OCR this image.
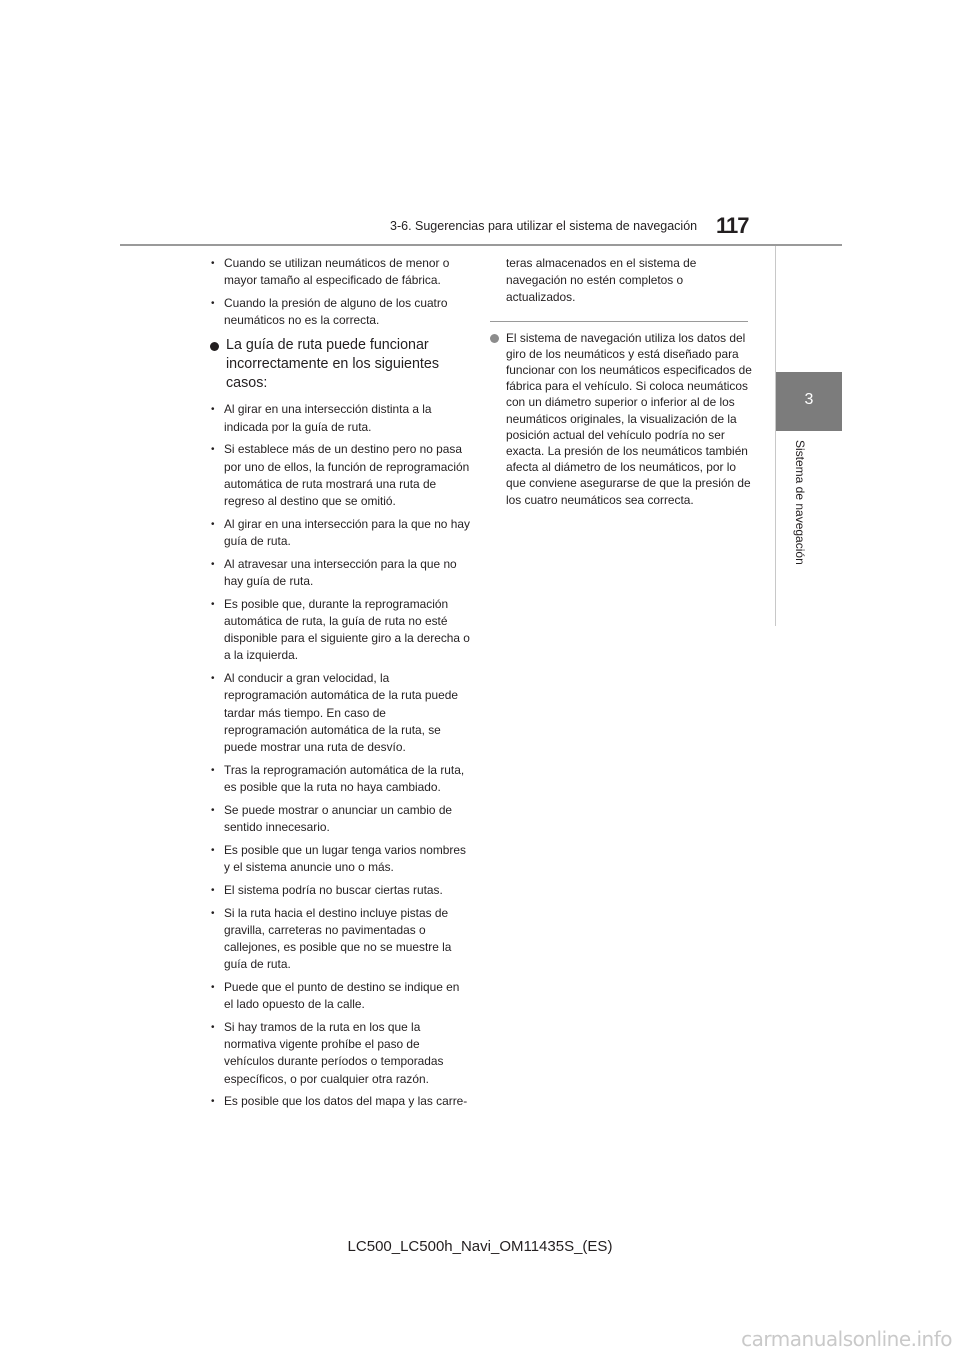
3-6. Sugerencias para utilizar el sistema de navegación 117
3
Sistema de navegación
• Cuando se utilizan neumáticos de menor o mayor tamaño al especificado de fábrica.
• Cuando la presión de alguno de los cuatro neumáticos no es la correcta.
La guía de ruta puede funcionar incorrectamente en los siguientes casos:
• Al girar en una intersección distinta a la indicada por la guía de ruta.
• Si establece más de un destino pero no pasa por uno de ellos, la función de reprogramación automática de ruta mostrará una ruta de regreso al destino que se omitió.
• Al girar en una intersección para la que no hay guía de ruta.
• Al atravesar una intersección para la que no hay guía de ruta.
• Es posible que, durante la reprogramación automática de ruta, la guía de ruta no esté disponible para el siguiente giro a la derecha o a la izquierda.
• Al conducir a gran velocidad, la reprogramación automática de la ruta puede tardar más tiempo. En caso de reprogramación automática de la ruta, se puede mostrar una ruta de desvío.
• Tras la reprogramación automática de la ruta, es posible que la ruta no haya cambiado.
• Se puede mostrar o anunciar un cambio de sentido innecesario.
• Es posible que un lugar tenga varios nombres y el sistema anuncie uno o más.
• El sistema podría no buscar ciertas rutas.
• Si la ruta hacia el destino incluye pistas de gravilla, carreteras no pavimentadas o callejones, es posible que no se muestre la guía de ruta.
• Puede que el punto de destino se indique en el lado opuesto de la calle.
• Si hay tramos de la ruta en los que la normativa vigente prohíbe el paso de vehículos durante períodos o temporadas específicos, o por cualquier otra razón.
• Es posible que los datos del mapa y las carre-
teras almacenados en el sistema de navegación no estén completos o actualizados.
El sistema de navegación utiliza los datos del giro de los neumáticos y está diseñado para funcionar con los neumáticos especificados de fábrica para el vehículo. Si coloca neumáticos con un diámetro superior o inferior al de los neumáticos originales, la visualización de la posición actual del vehículo podría no ser exacta. La presión de los neumáticos también afecta al diámetro de los neumáticos, por lo que conviene asegurarse de que la presión de los cuatro neumáticos sea correcta.
LC500_LC500h_Navi_OM11435S_(ES)
carmanualsonline.info
